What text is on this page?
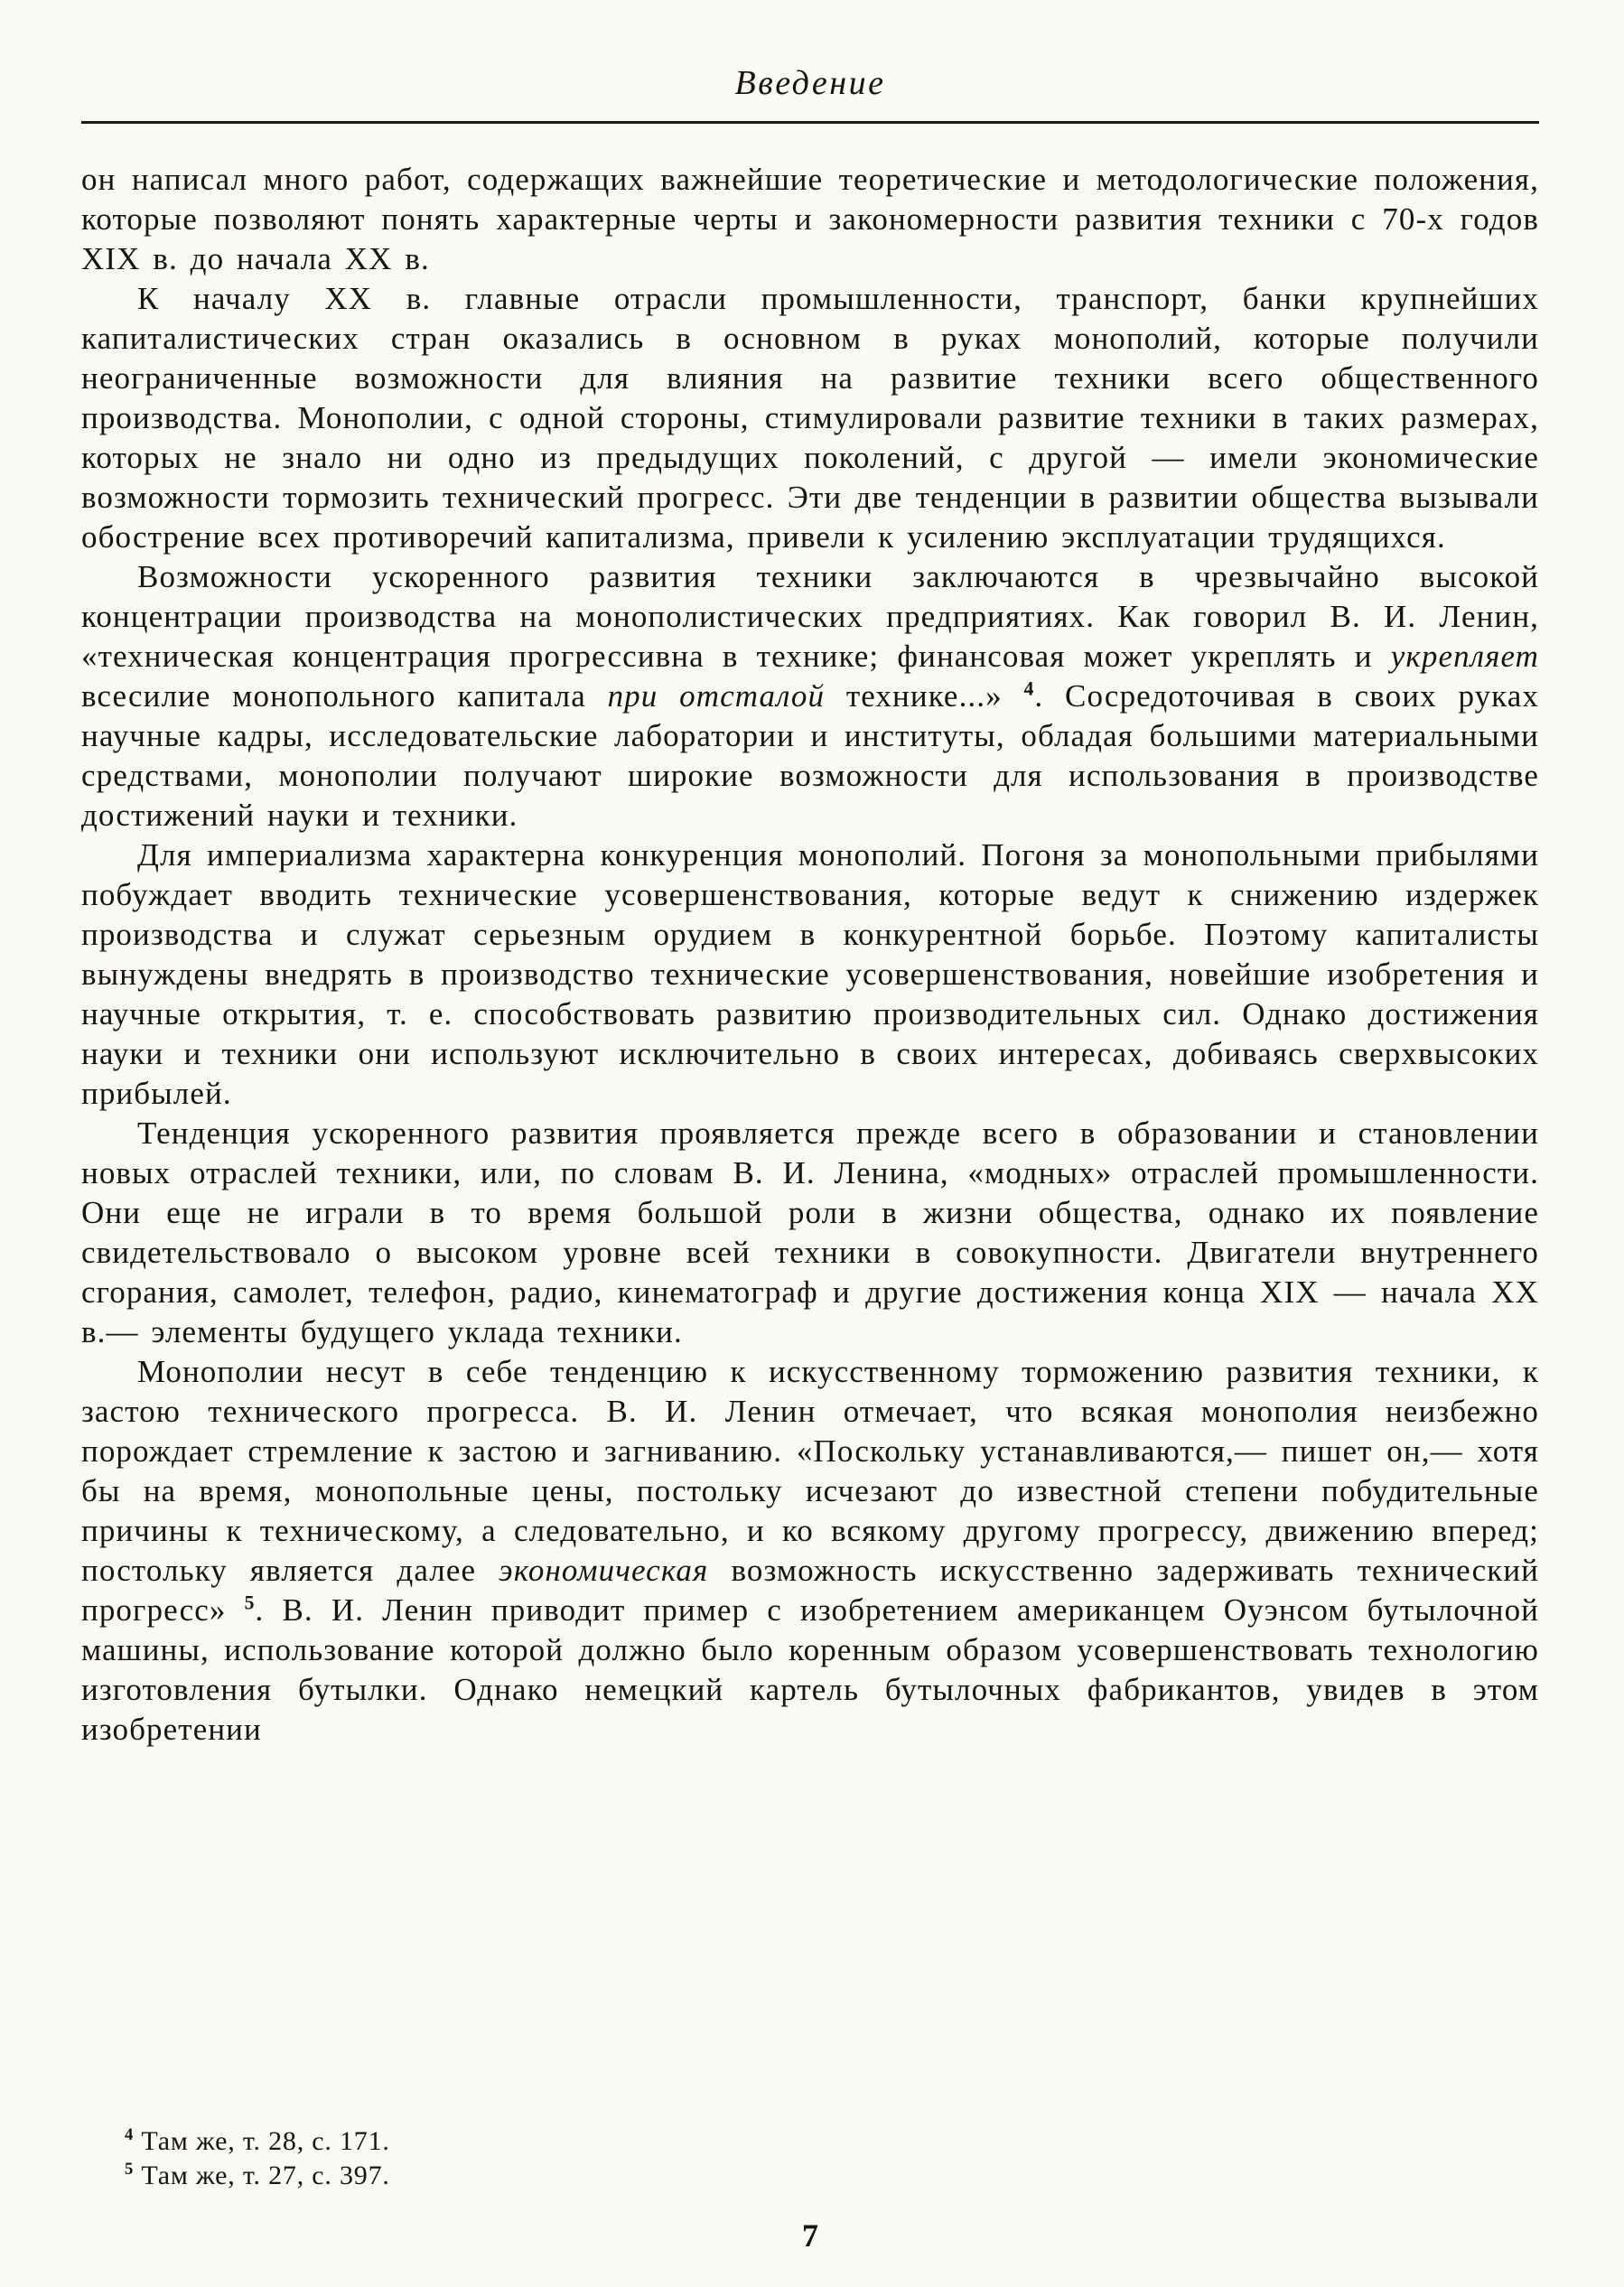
Введение

он написал много работ, содержащих важнейшие теоретические и методологические положения, которые позволяют понять характерные черты и закономерности развития техники с 70-х годов XIX в. до начала XX в.

К началу XX в. главные отрасли промышленности, транспорт, банки крупнейших капиталистических стран оказались в основном в руках монополий, которые получили неограниченные возможности для влияния на развитие техники всего общественного производства. Монополии, с одной стороны, стимулировали развитие техники в таких размерах, которых не знало ни одно из предыдущих поколений, с другой — имели экономические возможности тормозить технический прогресс. Эти две тенденции в развитии общества вызывали обострение всех противоречий капитализма, привели к усилению эксплуатации трудящихся.

Возможности ускоренного развития техники заключаются в чрезвычайно высокой концентрации производства на монополистических предприятиях. Как говорил В. И. Ленин, «техническая концентрация прогрессивна в технике; финансовая может укреплять и укрепляет всесилие монопольного капитала при отсталой технике...» $^4$. Сосредоточивая в своих руках научные кадры, исследовательские лаборатории и институты, обладая большими материальными средствами, монополии получают широкие возможности для использования в производстве достижений науки и техники.

Для империализма характерна конкуренция монополий. Погоня за монопольными прибылями побуждает вводить технические усовершенствования, которые ведут к снижению издержек производства и служат серьезным орудием в конкурентной борьбе. Поэтому капиталисты вынуждены внедрять в производство технические усовершенствования, новейшие изобретения и научные открытия, т. е. способствовать развитию производительных сил. Однако достижения науки и техники они используют исключительно в своих интересах, добиваясь сверхвысоких прибылей.

Тенденция ускоренного развития проявляется прежде всего в образовании и становлении новых отраслей техники, или, по словам В. И. Ленина, «модных» отраслей промышленности. Они еще не играли в то время большой роли в жизни общества, однако их появление свидетельствовало о высоком уровне всей техники в совокупности. Двигатели внутреннего сгорания, самолет, телефон, радио, кинематограф и другие достижения конца XIX — начала XX в.— элементы будущего уклада техники.

Монополии несут в себе тенденцию к искусственному торможению развития техники, к застою технического прогресса. В. И. Ленин отмечает, что всякая монополия неизбежно порождает стремление к застою и загниванию. «Поскольку устанавливаются,— пишет он,— хотя бы на время, монопольные цены, постольку исчезают до известной степени побудительные причины к техническому, а следовательно, и ко всякому другому прогрессу, движению вперед; постольку является далее экономическая возможность искусственно задерживать технический прогресс» $^5$. В. И. Ленин приводит пример с изобретением американцем Оуэнсом бутылочной машины, использование которой должно было коренным образом усовершенствовать технологию изготовления бутылки. Однако немецкий картель бутылочных фабрикантов, увидев в этом изобретении

$^4$ Там же, т. 28, с. 171.

$^5$ Там же, т. 27, с. 397.

7
